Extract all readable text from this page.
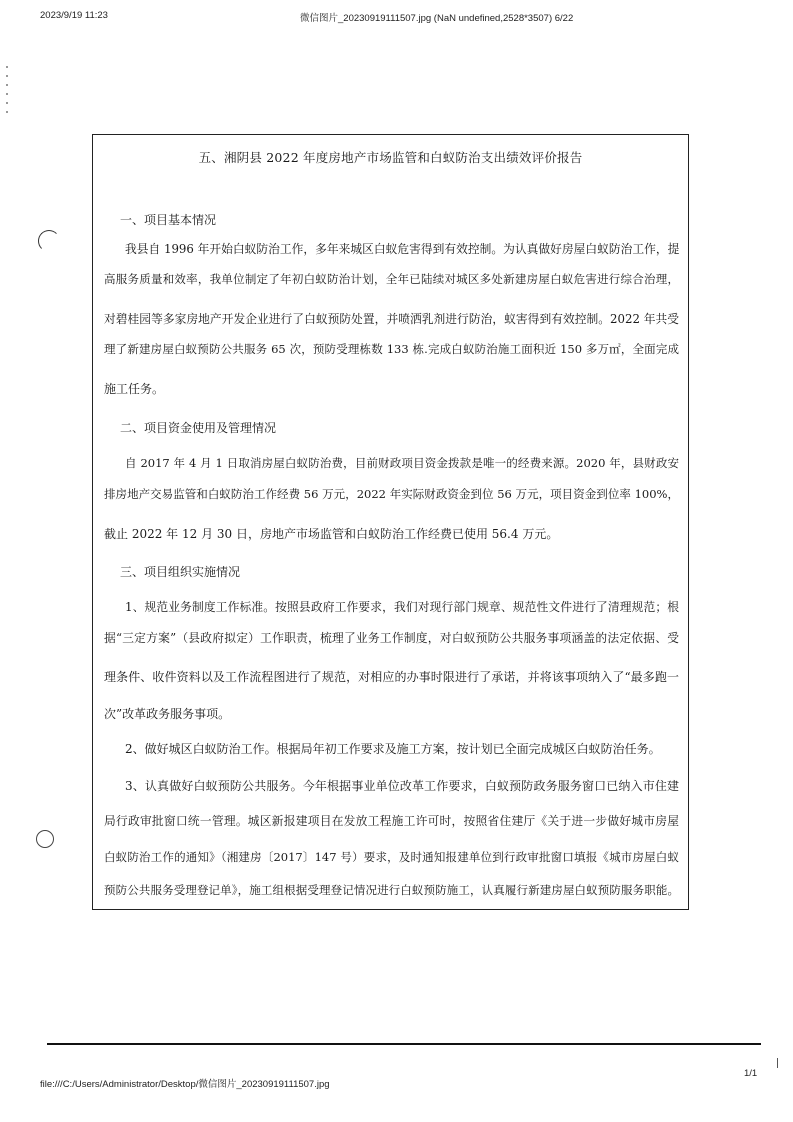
2023/9/19 11:23	微信图片_20230919111507.jpg (NaN undefined,2528*3507) 6/22
五、湘阴县 2022 年度房地产市场监管和白蚁防治支出绩效评价报告
一、项目基本情况
我县自 1996 年开始白蚁防治工作，多年来城区白蚁危害得到有效控制。为认真做好房屋白蚁防治工作，提
高服务质量和效率，我单位制定了年初白蚁防治计划，全年已陆续对城区多处新建房屋白蚁危害进行综合治理，
对碧桂园等多家房地产开发企业进行了白蚁预防处置，并喷洒乳剂进行防治，蚁害得到有效控制。2022 年共受
理了新建房屋白蚁预防公共服务 65 次，预防受理栋数 133 栋.完成白蚁防治施工面积近 150 多万㎡，全面完成
施工任务。
二、项目资金使用及管理情况
自 2017 年 4 月 1 日取消房屋白蚁防治费，目前财政项目资金拨款是唯一的经费来源。2020 年，县财政安
排房地产交易监管和白蚁防治工作经费 56 万元，2022 年实际财政资金到位 56 万元，项目资金到位率 100%，
截止 2022 年 12 月 30 日，房地产市场监管和白蚁防治工作经费已使用 56.4 万元。
三、项目组织实施情况
1、规范业务制度工作标准。按照县政府工作要求，我们对现行部门规章、规范性文件进行了清理规范；根
据“三定方案”（县政府拟定）工作职责，梳理了业务工作制度，对白蚁预防公共服务事项涵盖的法定依据、受
理条件、收件资料以及工作流程图进行了规范，对相应的办事时限进行了承诺，并将该事项纳入了“最多跑一
次”改革政务服务事项。
2、做好城区白蚁防治工作。根据局年初工作要求及施工方案，按计划已全面完成城区白蚁防治任务。
3、认真做好白蚁预防公共服务。今年根据事业单位改革工作要求，白蚁预防政务服务窗口已纳入市住建
局行政审批窗口统一管理。城区新报建项目在发放工程施工许可时，按照省住建厅《关于进一步做好城市房屋
白蚁防治工作的通知》（湘建房〔2017〕147 号）要求，及时通知报建单位到行政审批窗口填报《城市房屋白蚁
预防公共服务受理登记单》，施工组根据受理登记情况进行白蚁预防施工，认真履行新建房屋白蚁预防服务职能。
file:///C:/Users/Administrator/Desktop/微信图片_20230919111507.jpg
1/1
